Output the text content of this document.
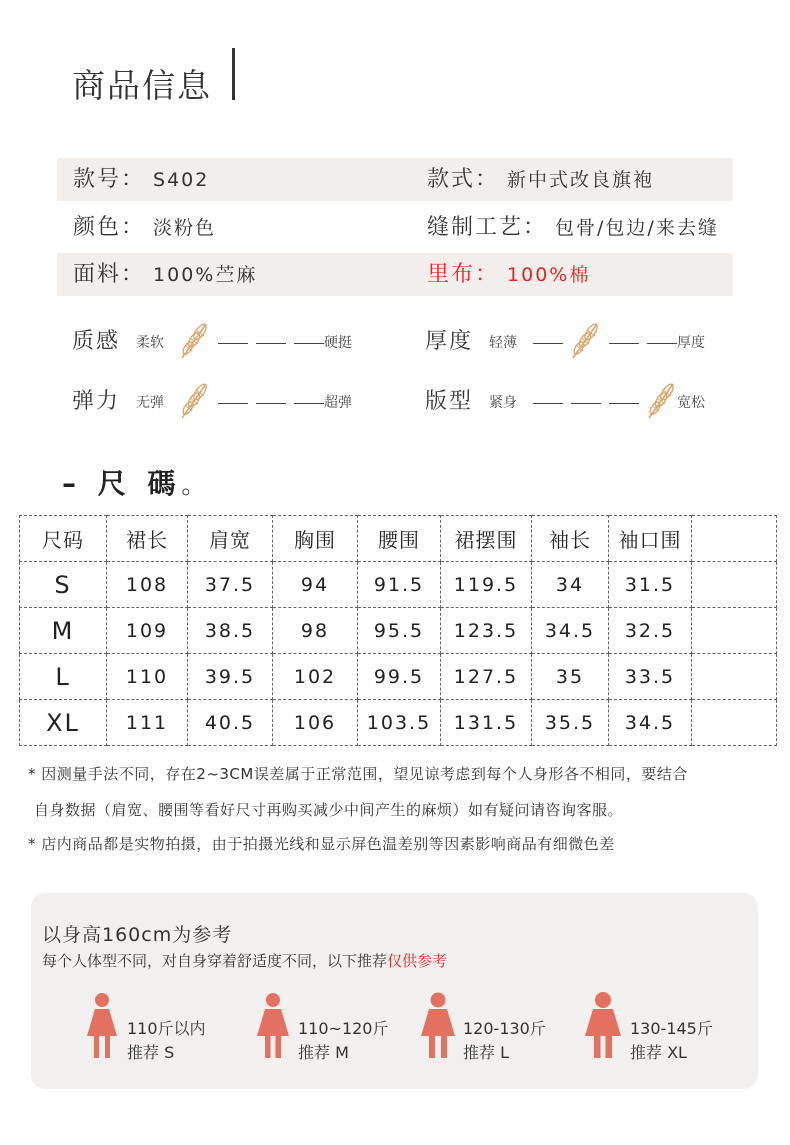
商品信息
款号： S402	款式： 新中式改良旗袍
颜色： 淡粉色	缝制工艺： 包骨/包边/来去缝
面料： 100%苎麻	里布： 100%棉
质感 柔软	硬挺	厚度 轻薄	厚度
弹力 无弹	超弹	版型 紧身	宽松
– 尺 碼。
尺码	裙长	肩宽	胸围	腰围	裙摆围	袖长	袖口围	
S	108	37.5	94	91.5	119.5	34	31.5	
M	109	38.5	98	95.5	123.5	34.5	32.5	
L	110	39.5	102	99.5	127.5	35	33.5	
XL	111	40.5	106	103.5	131.5	35.5	34.5	
* 因测量手法不同，存在2~3CM误差属于正常范围，望见谅考虑到每个人身形各不相同，要结合
自身数据（肩宽、腰围等看好尺寸再购买减少中间产生的麻烦）如有疑问请咨询客服。
* 店内商品都是实物拍摄，由于拍摄光线和显示屏色温差别等因素影响商品有细微色差
以身高160cm为参考
每个人体型不同，对自身穿着舒适度不同，以下推荐仅供参考
110斤以内
推荐 S
110~120斤
推荐 M
120-130斤
推荐 L
130-145斤
推荐 XL
